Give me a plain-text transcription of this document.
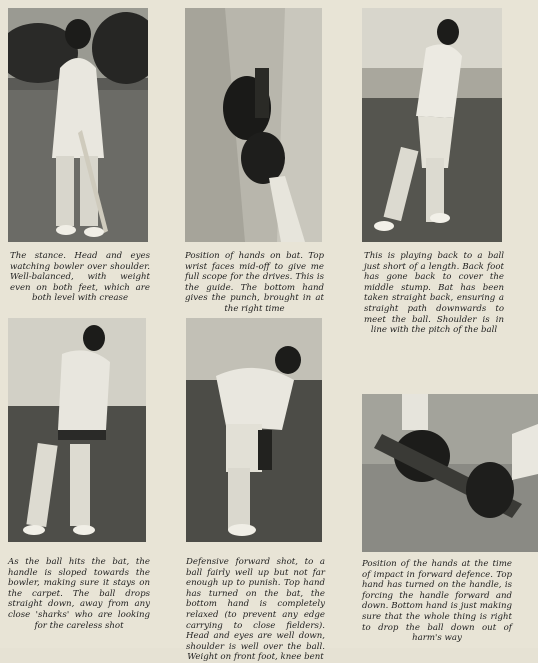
The stance. Head and eyes watching bowler over shoulder. Well-balanced, with weight even on both feet, which are both level with crease

Position of hands on bat. Top wrist faces mid-off to give me full scope for the drives. This is the guide. The bottom hand gives the punch, brought in at the right time

This is playing back to a ball just short of a length. Back foot has gone back to cover the middle stump. Bat has been taken straight back, ensuring a straight path downwards to meet the ball. Shoulder is in line with the pitch of the ball

As the ball hits the bat, the handle is sloped towards the bowler, making sure it stays on the carpet. The ball drops straight down, away from any close 'sharks' who are looking for the careless shot

Defensive forward shot, to a ball fairly well up but not far enough up to punish. Top hand has turned on the bat, the bottom hand is completely relaxed (to prevent any edge carrying to close fielders). Head and eyes are well down, shoulder is well over the ball. Weight on front foot, knee bent

Position of the hands at the time of impact in forward defence. Top hand has turned on the handle, is forcing the handle forward and down. Bottom hand is just making sure that the whole thing is right to drop the ball down out of harm's way
